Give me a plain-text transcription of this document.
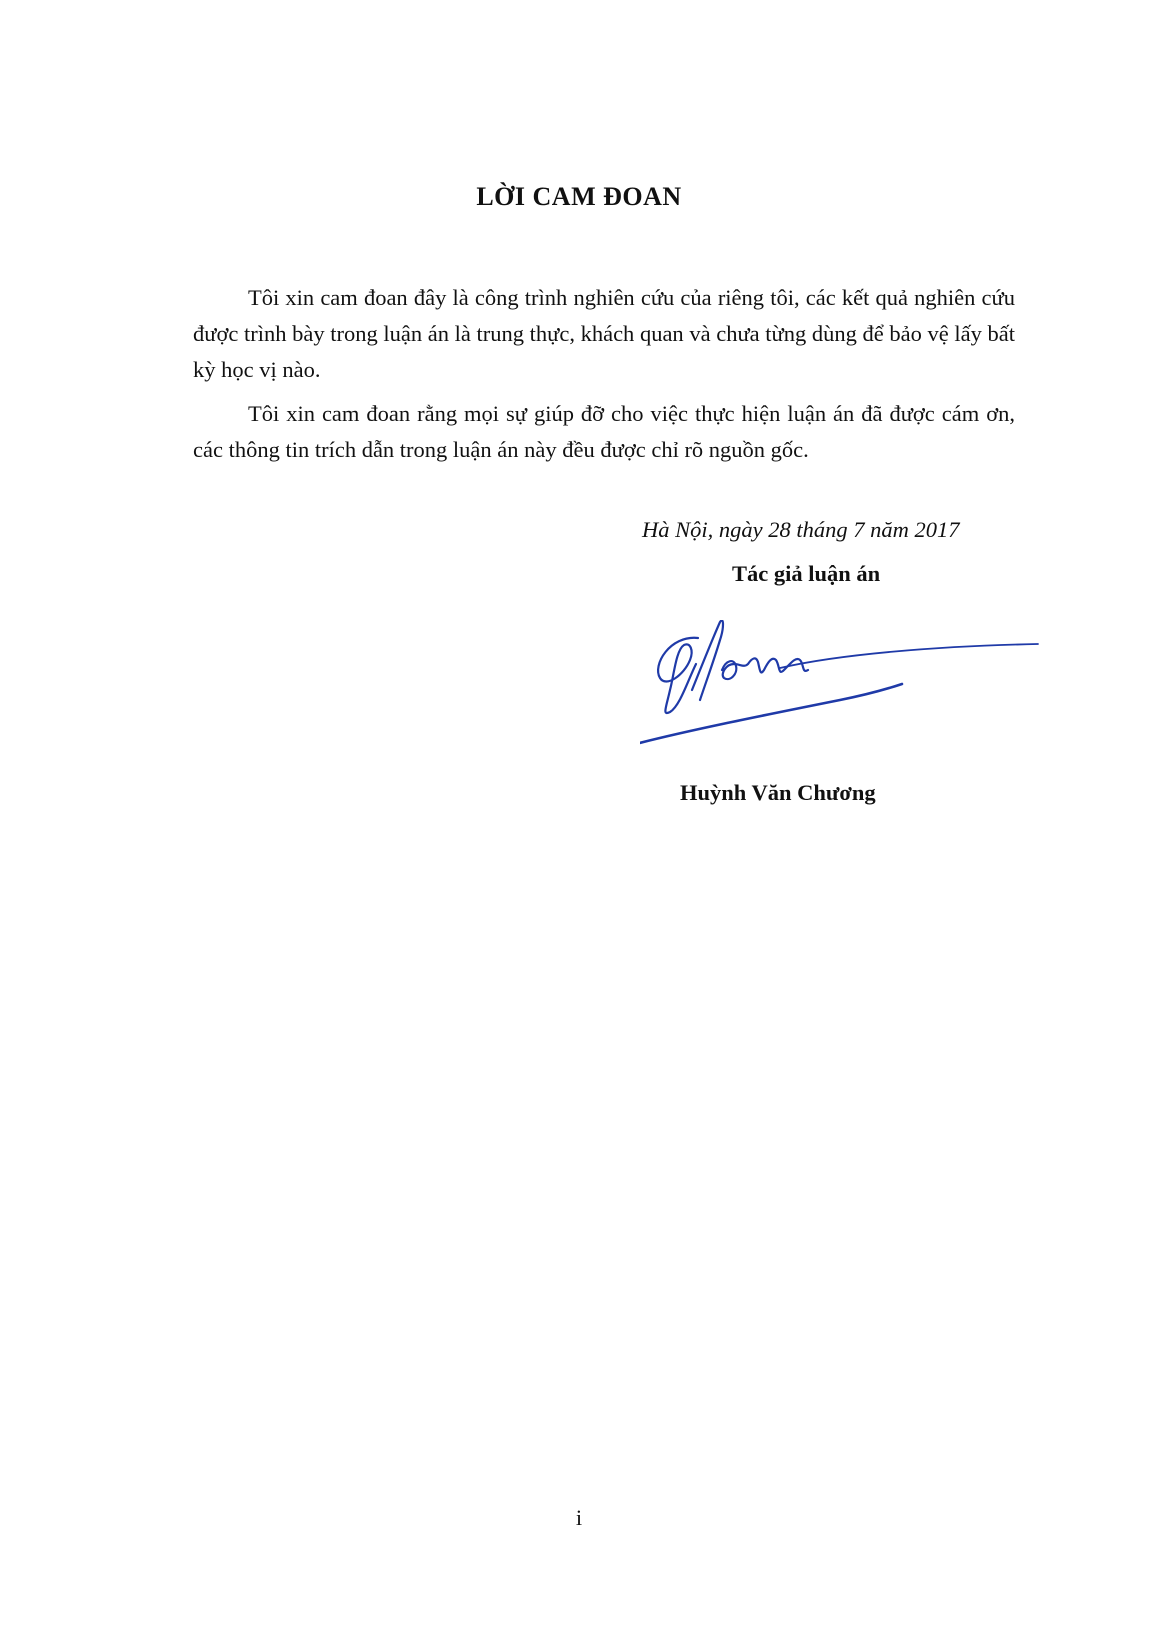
LỜI CAM ĐOAN

Tôi xin cam đoan đây là công trình nghiên cứu của riêng tôi, các kết quả nghiên cứu được trình bày trong luận án là trung thực, khách quan và chưa từng dùng để bảo vệ lấy bất kỳ học vị nào.

Tôi xin cam đoan rằng mọi sự giúp đỡ cho việc thực hiện luận án đã được cám ơn, các thông tin trích dẫn trong luận án này đều được chỉ rõ nguồn gốc.

Hà Nội, ngày 28 tháng 7 năm 2017
Tác giả luận án
Huỳnh Văn Chương
i
